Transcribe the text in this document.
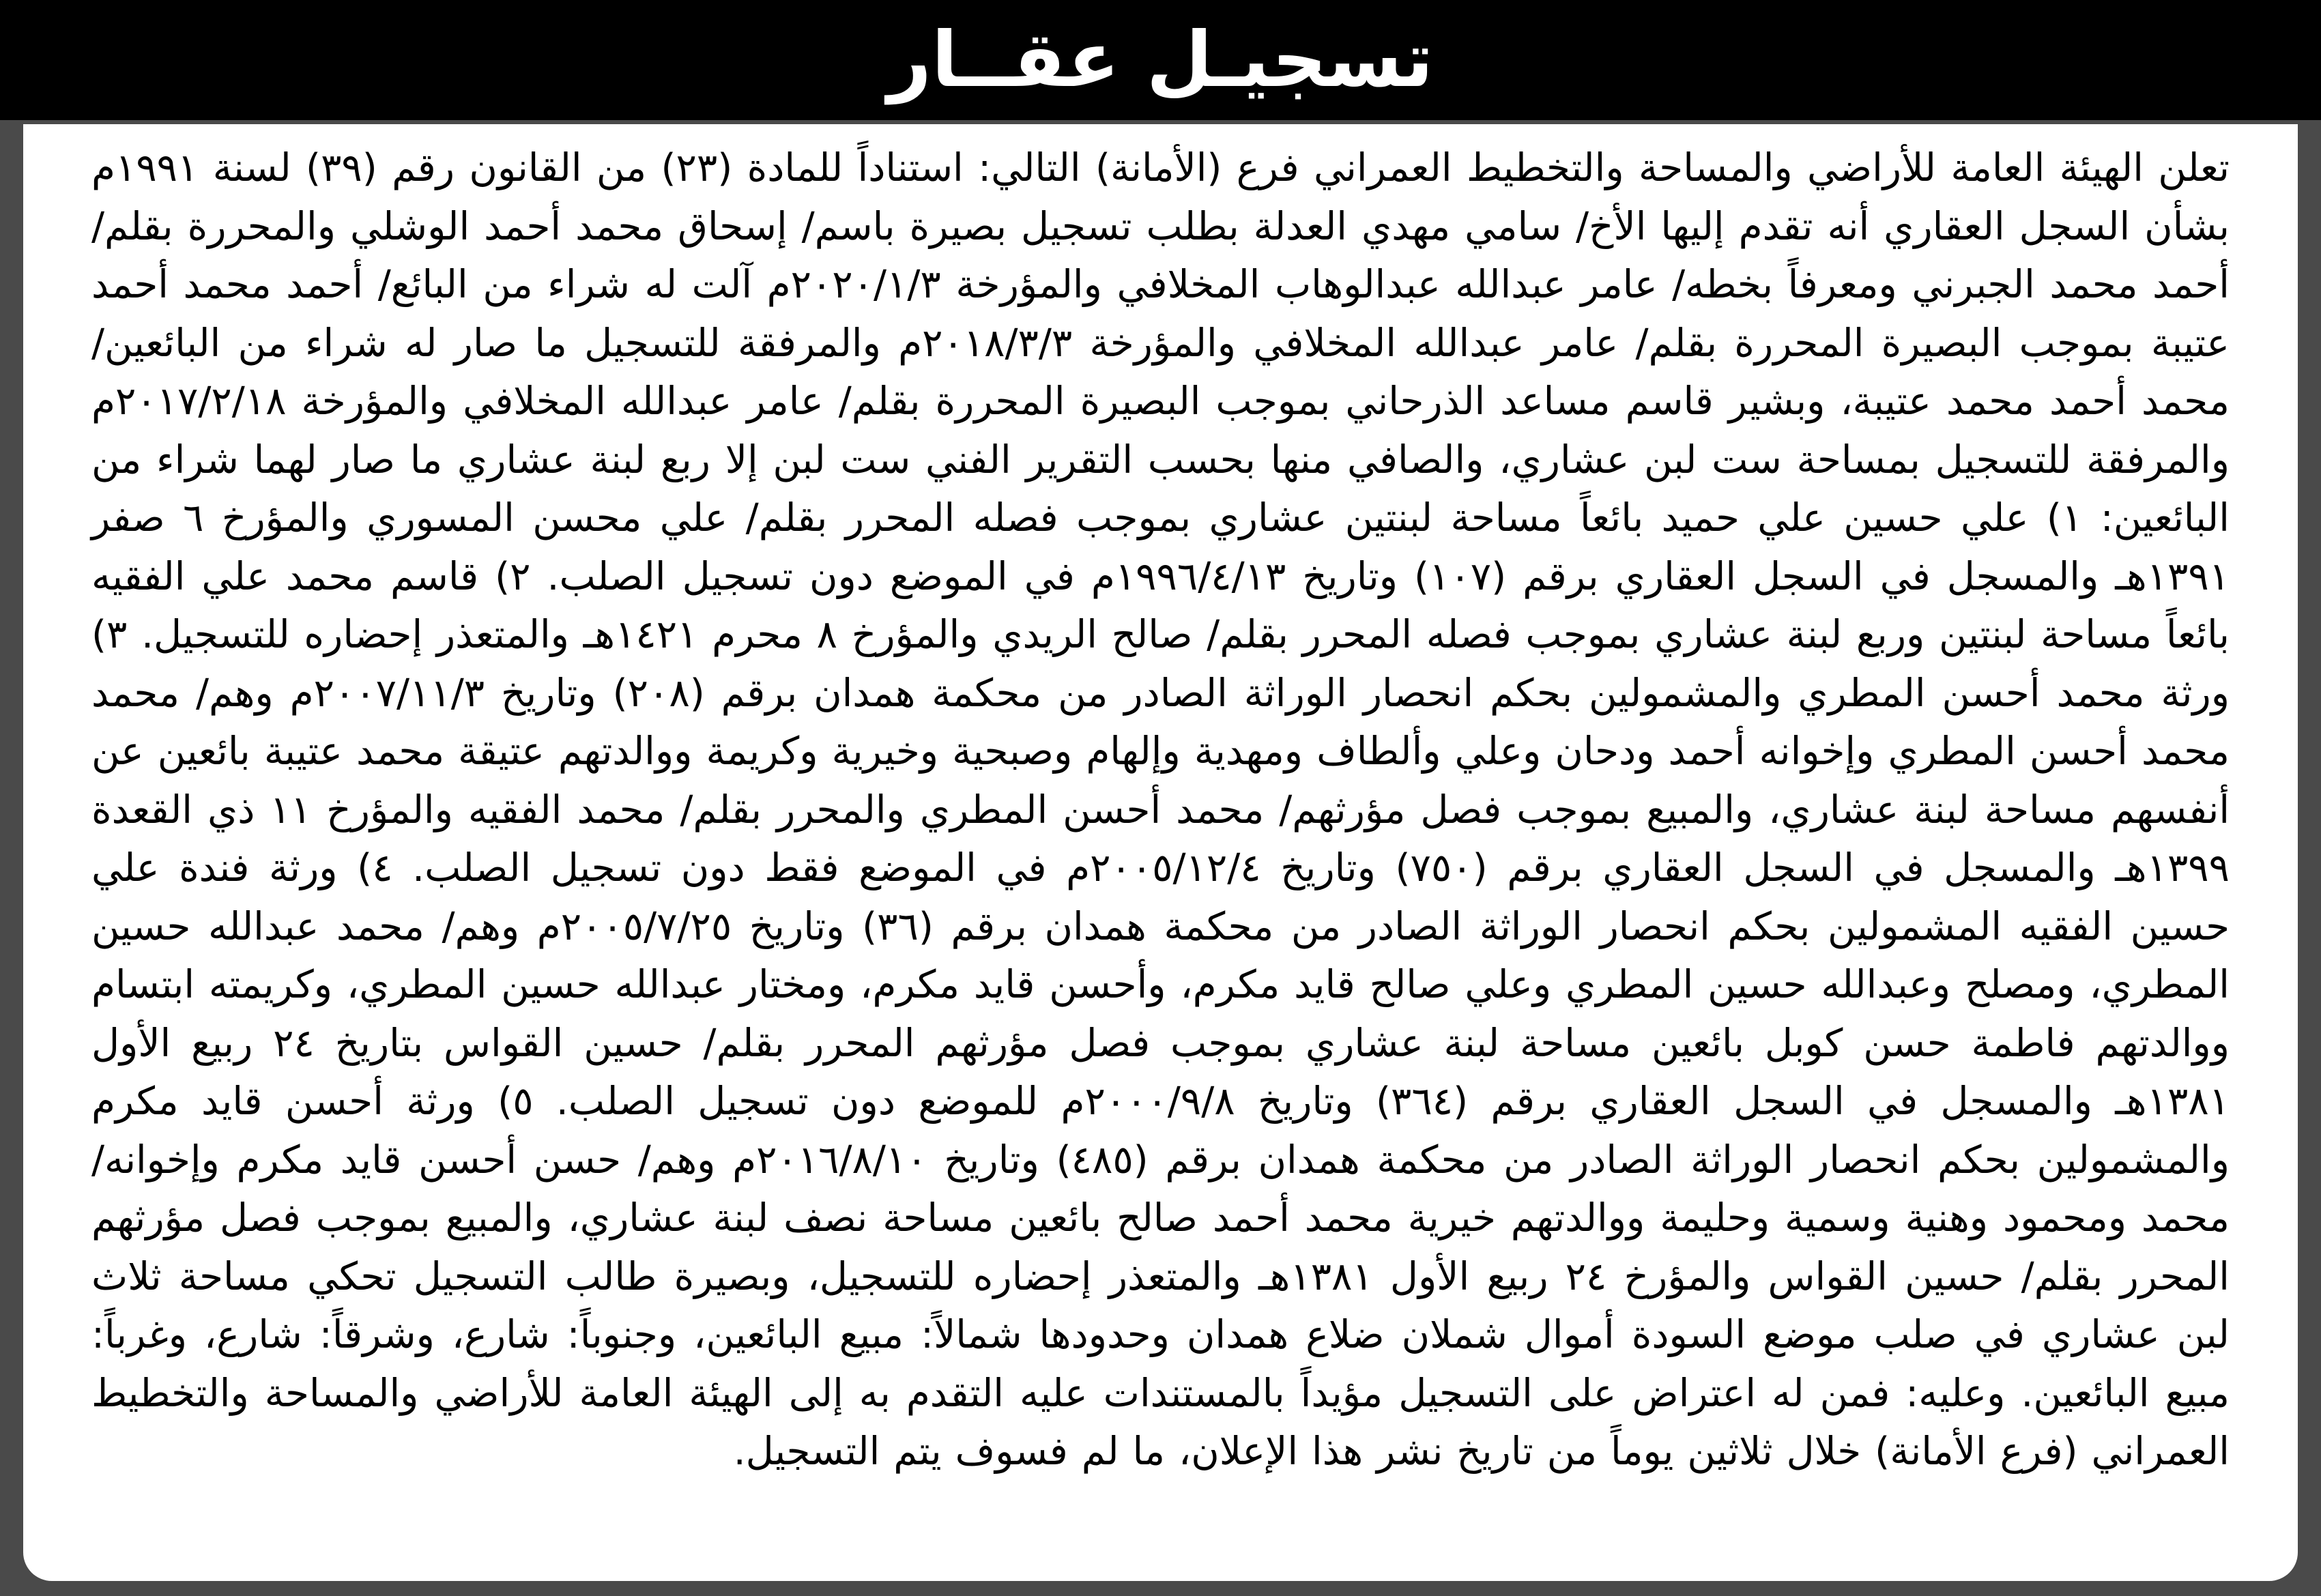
تسجيـل عقــار

تعلن الهيئة العامة للأراضي والمساحة والتخطيط العمراني فرع (الأمانة) التالي: استناداً للمادة (٢٣) من القانون رقم (٣٩) لسنة ١٩٩١م بشأن السجل العقاري أنه تقدم إليها الأخ/ سامي مهدي العدلة بطلب تسجيل بصيرة باسم/ إسحاق محمد أحمد الوشلي والمحررة بقلم/ أحمد محمد الجبرني ومعرفاً بخطه/ عامر عبدالله عبدالوهاب المخلافي والمؤرخة ٢٠٢٠/١/٣م آلت له شراء من البائع/ أحمد محمد أحمد عتيبة بموجب البصيرة المحررة بقلم/ عامر عبدالله المخلافي والمؤرخة ٢٠١٨/٣/٣م والمرفقة للتسجيل ما صار له شراء من البائعين/ محمد أحمد محمد عتيبة، وبشير قاسم مساعد الذرحاني بموجب البصيرة المحررة بقلم/ عامر عبدالله المخلافي والمؤرخة ٢٠١٧/٢/١٨م والمرفقة للتسجيل بمساحة ست لبن عشاري، والصافي منها بحسب التقرير الفني ست لبن إلا ربع لبنة عشاري ما صار لهما شراء من البائعين: ١) علي حسين علي حميد بائعاً مساحة لبنتين عشاري بموجب فصله المحرر بقلم/ علي محسن المسوري والمؤرخ ٦ صفر ١٣٩١هـ والمسجل في السجل العقاري برقم (١٠٧) وتاريخ ١٩٩٦/٤/١٣م في الموضع دون تسجيل الصلب. ٢) قاسم محمد علي الفقيه بائعاً مساحة لبنتين وربع لبنة عشاري بموجب فصله المحرر بقلم/ صالح الريدي والمؤرخ ٨ محرم ١٤٢١هـ والمتعذر إحضاره للتسجيل. ٣) ورثة محمد أحسن المطري والمشمولين بحكم انحصار الوراثة الصادر من محكمة همدان برقم (٢٠٨) وتاريخ ٢٠٠٧/١١/٣م وهم/ محمد محمد أحسن المطري وإخوانه أحمد ودحان وعلي وألطاف ومهدية وإلهام وصبحية وخيرية وكريمة ووالدتهم عتيقة محمد عتيبة بائعين عن أنفسهم مساحة لبنة عشاري، والمبيع بموجب فصل مؤرثهم/ محمد أحسن المطري والمحرر بقلم/ محمد الفقيه والمؤرخ ١١ ذي القعدة ١٣٩٩هـ والمسجل في السجل العقاري برقم (٧٥٠) وتاريخ ٢٠٠٥/١٢/٤م في الموضع فقط دون تسجيل الصلب. ٤) ورثة فندة علي حسين الفقيه المشمولين بحكم انحصار الوراثة الصادر من محكمة همدان برقم (٣٦) وتاريخ ٢٠٠٥/٧/٢٥م وهم/ محمد عبدالله حسين المطري، ومصلح وعبدالله حسين المطري وعلي صالح قايد مكرم، وأحسن قايد مكرم، ومختار عبدالله حسين المطري، وكريمته ابتسام ووالدتهم فاطمة حسن كوبل بائعين مساحة لبنة عشاري بموجب فصل مؤرثهم المحرر بقلم/ حسين القواس بتاريخ ٢٤ ربيع الأول ١٣٨١هـ والمسجل في السجل العقاري برقم (٣٦٤) وتاريخ ٢٠٠٠/٩/٨م للموضع دون تسجيل الصلب. ٥) ورثة أحسن قايد مكرم والمشمولين بحكم انحصار الوراثة الصادر من محكمة همدان برقم (٤٨٥) وتاريخ ٢٠١٦/٨/١٠م وهم/ حسن أحسن قايد مكرم وإخوانه/ محمد ومحمود وهنية وسمية وحليمة ووالدتهم خيرية محمد أحمد صالح بائعين مساحة نصف لبنة عشاري، والمبيع بموجب فصل مؤرثهم المحرر بقلم/ حسين القواس والمؤرخ ٢٤ ربيع الأول ١٣٨١هـ والمتعذر إحضاره للتسجيل، وبصيرة طالب التسجيل تحكي مساحة ثلاث لبن عشاري في صلب موضع السودة أموال شملان ضلاع همدان وحدودها شمالاً: مبيع البائعين، وجنوباً: شارع، وشرقاً: شارع، وغرباً: مبيع البائعين. وعليه: فمن له اعتراض على التسجيل مؤيداً بالمستندات عليه التقدم به إلى الهيئة العامة للأراضي والمساحة والتخطيط العمراني (فرع الأمانة) خلال ثلاثين يوماً من تاريخ نشر هذا الإعلان، ما لم فسوف يتم التسجيل.
